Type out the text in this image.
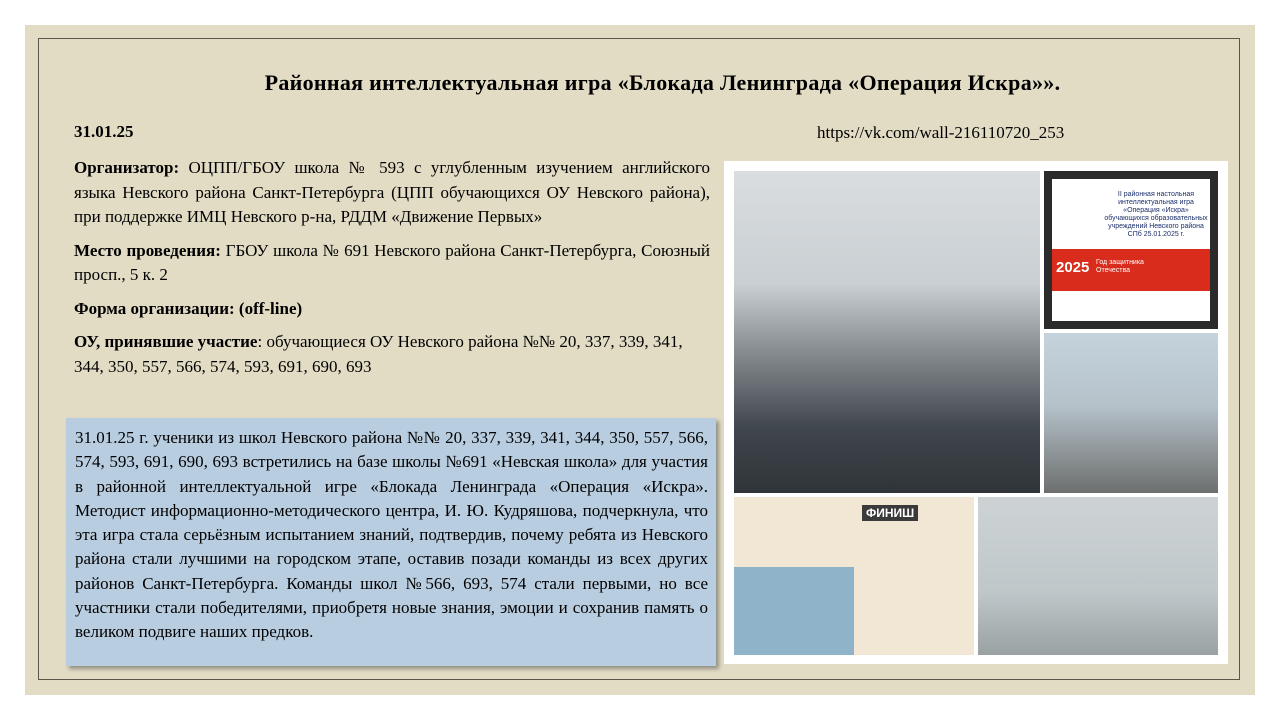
Районная интеллектуальная игра «Блокада Ленинграда «Операция Искра»».
31.01.25	https://vk.com/wall-216110720_253

Организатор: ОЦПП/ГБОУ школа № 593 с углубленным изучением английского языка Невского района Санкт-Петербурга (ЦПП обучающихся ОУ Невского района), при поддержке ИМЦ Невского р-на, РДДМ «Движение Первых»

Место проведения: ГБОУ школа № 691 Невского района Санкт-Петербурга, Союзный просп., 5 к. 2

Форма организации: (off-line)

ОУ, принявшие участие: обучающиеся ОУ Невского района №№ 20, 337, 339, 341, 344, 350, 557, 566, 574, 593, 691, 690, 693

31.01.25 г. ученики из школ Невского района №№ 20, 337, 339, 341, 344, 350, 557, 566, 574, 593, 691, 690, 693 встретились на базе школы №691 «Невская школа» для участия в районной интеллектуальной игре «Блокада Ленинграда «Операция «Искра». Методист информационно-методического центра, И. Ю. Кудряшова, подчеркнула, что эта игра стала серьёзным испытанием знаний, подтвердив, почему ребята из Невского района стали лучшими на городском этапе, оставив позади команды из всех других районов Санкт-Петербурга. Команды школ №566, 693, 574 стали первыми, но все участники стали победителями, приобретя новые знания, эмоции и сохранив память о великом подвиге наших предков.
II районная настольная интеллектуальная игра «Операция «Искра» обучающихся образовательных учреждений Невского района СПб 25.01.2025 г.
2025 Год защитника Отечества
ФИНИШ
